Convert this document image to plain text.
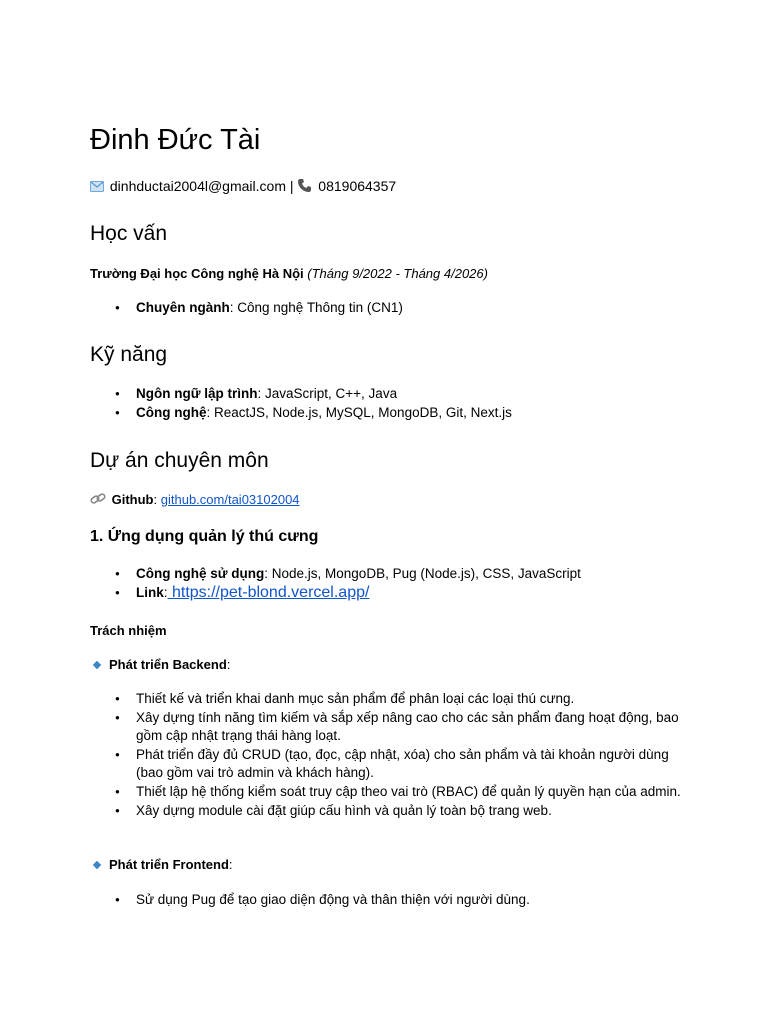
Đinh Đức Tài
dinhductai2004l@gmail.com | 0819064357
Học vấn
Trường Đại học Công nghệ Hà Nội (Tháng 9/2022 - Tháng 4/2026)
● Chuyên ngành: Công nghệ Thông tin (CN1)
Kỹ năng
● Ngôn ngữ lập trình: JavaScript, C++, Java
● Công nghệ: ReactJS, Node.js, MySQL, MongoDB, Git, Next.js
Dự án chuyên môn
Github: github.com/tai03102004
1. Ứng dụng quản lý thú cưng
● Công nghệ sử dụng: Node.js, MongoDB, Pug (Node.js), CSS, JavaScript
● Link: https://pet-blond.vercel.app/
Trách nhiệm
Phát triển Backend:
● Thiết kế và triển khai danh mục sản phẩm để phân loại các loại thú cưng.
● Xây dựng tính năng tìm kiếm và sắp xếp nâng cao cho các sản phẩm đang hoạt động, bao gồm cập nhật trạng thái hàng loạt.
● Phát triển đầy đủ CRUD (tạo, đọc, cập nhật, xóa) cho sản phẩm và tài khoản người dùng (bao gồm vai trò admin và khách hàng).
● Thiết lập hệ thống kiểm soát truy cập theo vai trò (RBAC) để quản lý quyền hạn của admin.
● Xây dựng module cài đặt giúp cấu hình và quản lý toàn bộ trang web.
Phát triển Frontend:
● Sử dụng Pug để tạo giao diện động và thân thiện với người dùng.
